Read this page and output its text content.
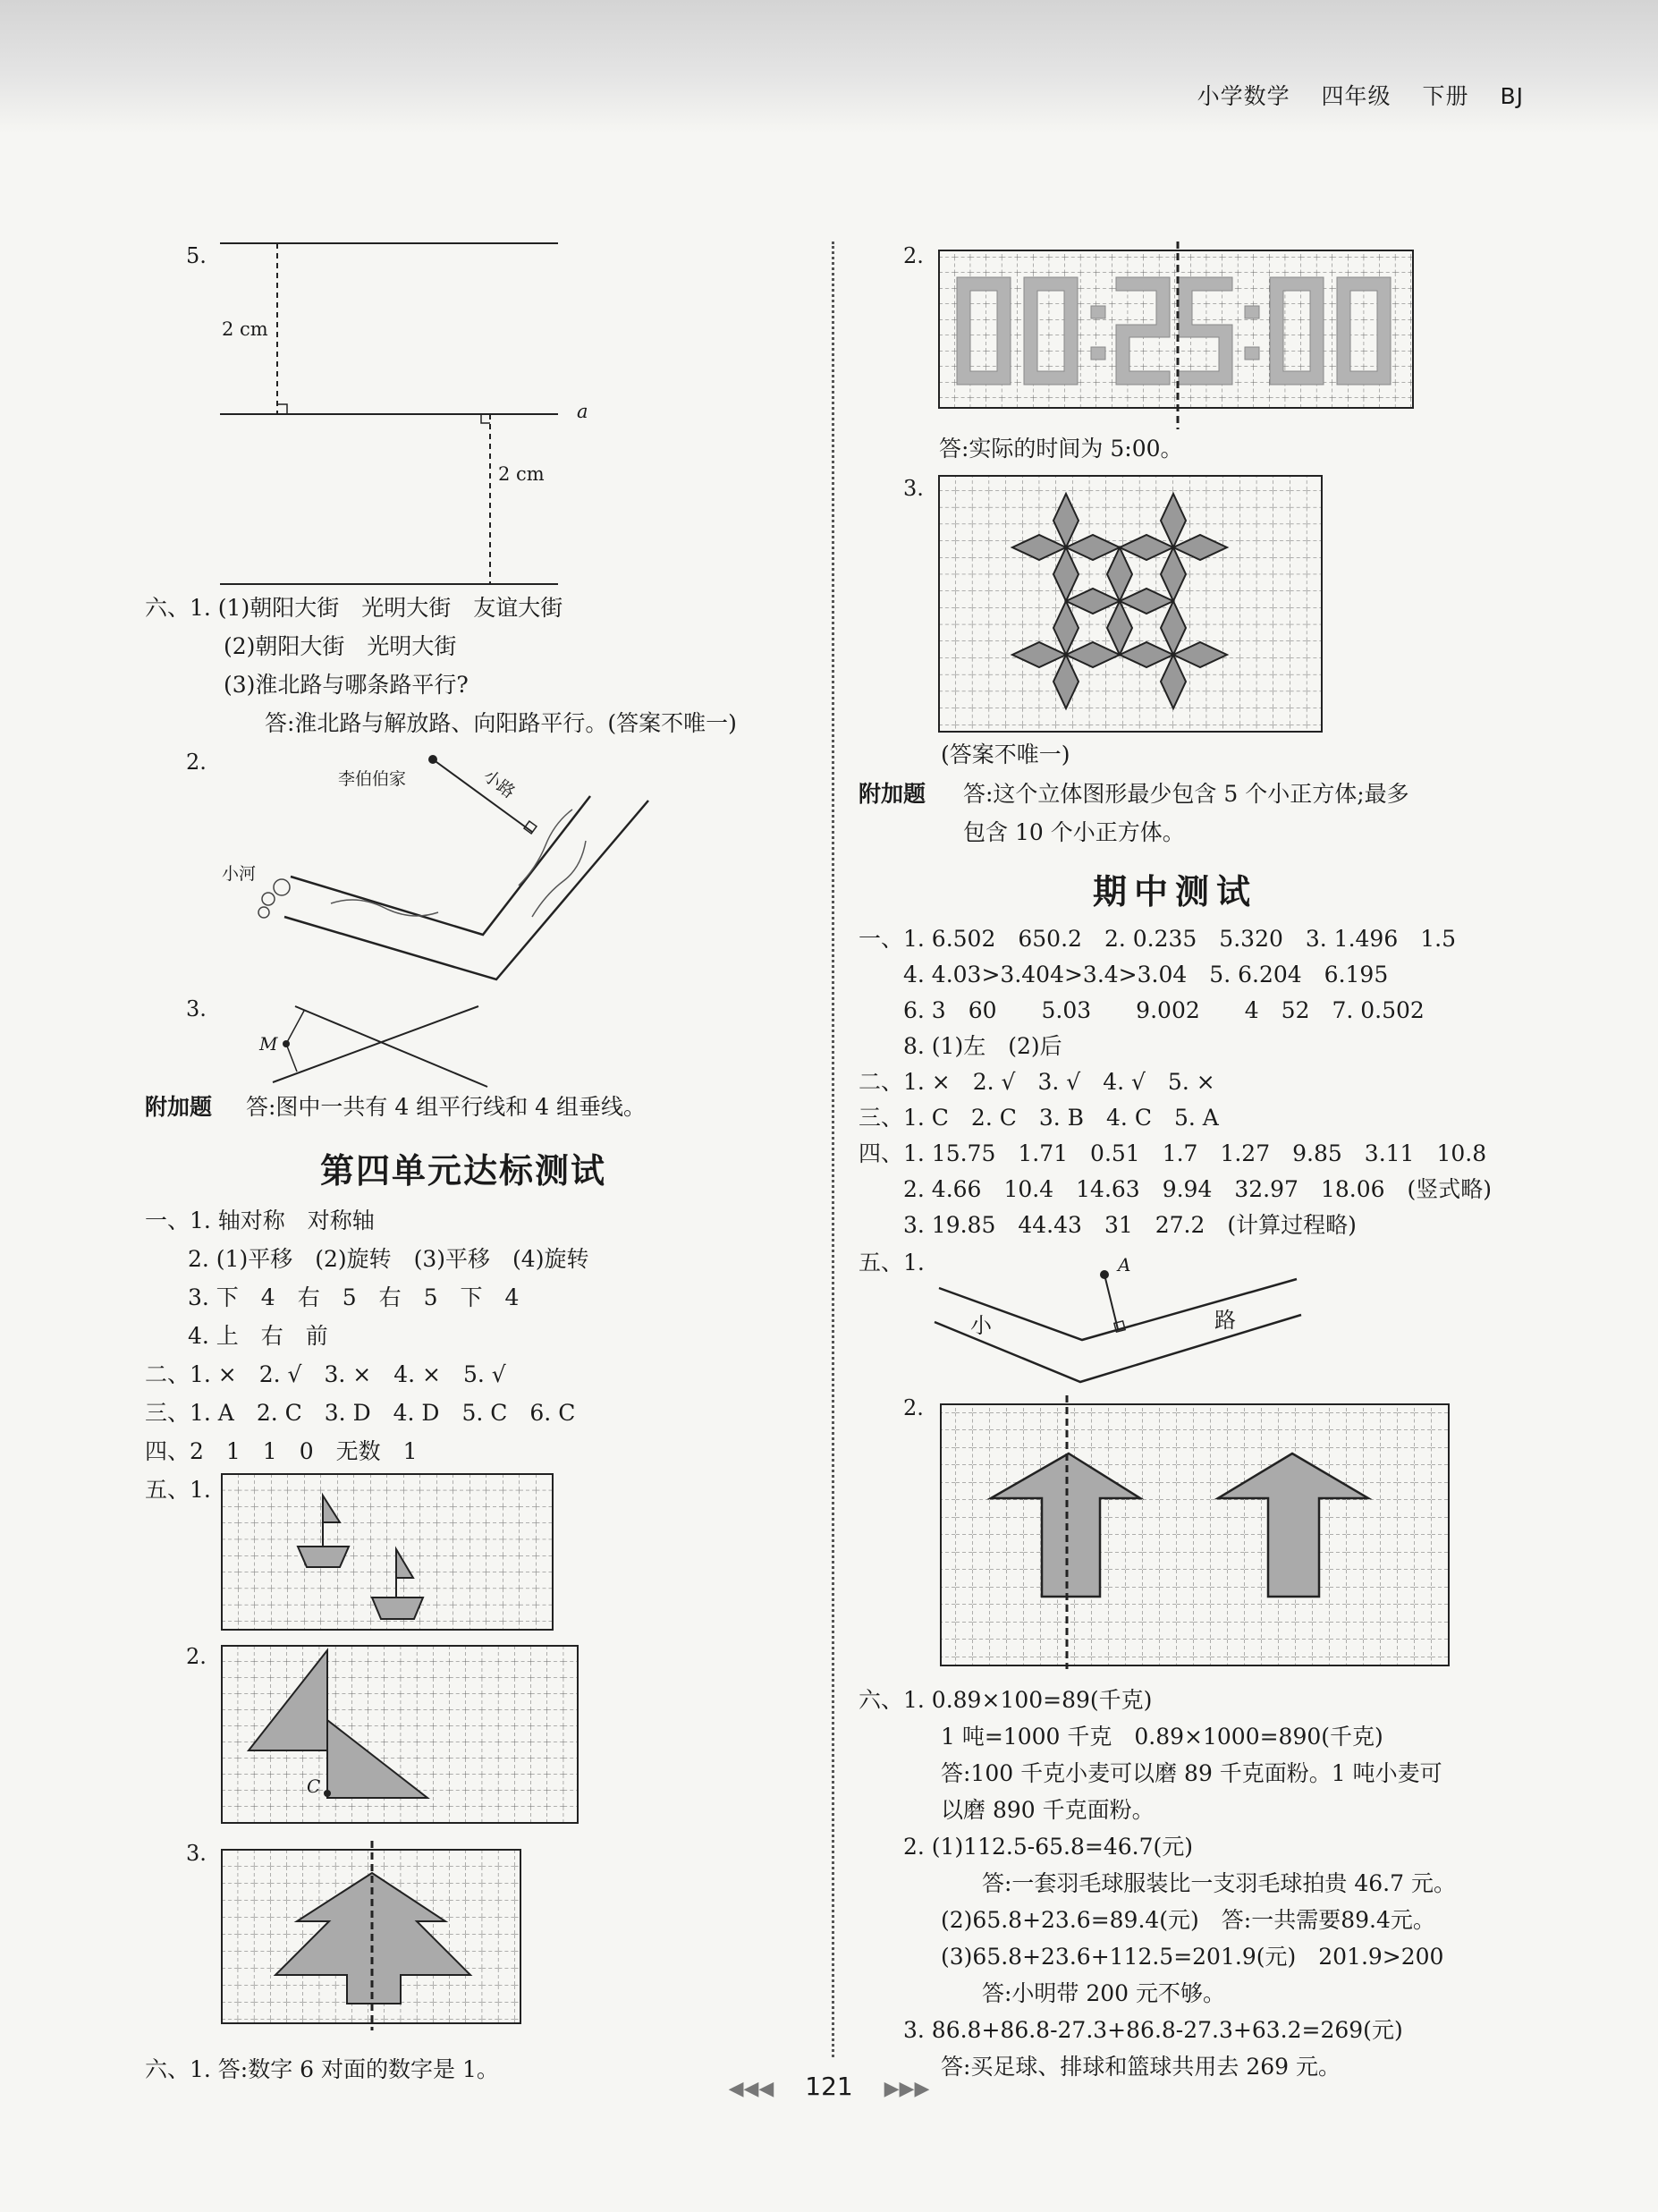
小学数学 四年级 下册 BJ
5.
2 cm
2 cm
a
六、1. (1)朝阳大街　光明大街　友谊大街
(2)朝阳大街　光明大街
(3)淮北路与哪条路平行?
答:淮北路与解放路、向阳路平行。(答案不唯一)
2.
李伯伯家	小路
小河
3.
M
附加题 答:图中一共有 4 组平行线和 4 组垂线。
第四单元达标测试
一、1. 轴对称　对称轴
2. (1)平移　(2)旋转　(3)平移　(4)旋转
3. 下　4　右　5　右　5　下　4
4. 上　右　前
二、1. ×　2. √　3. ×　4. ×　5. √
三、1. A　2. C　3. D　4. D　5. C　6. C
四、2　1　1　0　无数　1
五、1.
2.
C
3.
六、1. 答:数字 6 对面的数字是 1。
2.
答:实际的时间为 5:00。
3.
(答案不唯一)
附加题 答:这个立体图形最少包含 5 个小正方体;最多
包含 10 个小正方体。
期中测试
一、1. 6.502　650.2　2. 0.235　5.320　3. 1.496　1.5
4. 4.03>3.404>3.4>3.04　5. 6.204　6.195
6. 3　60　　5.03　　9.002　　4　52　7. 0.502
8. (1)左　(2)后
二、1. ×　2. √　3. √　4. √　5. ×
三、1. C　2. C　3. B　4. C　5. A
四、1. 15.75　1.71　0.51　1.7　1.27　9.85　3.11　10.8
2. 4.66　10.4　14.63　9.94　32.97　18.06　(竖式略)
3. 19.85　44.43　31　27.2　(计算过程略)
五、1.	A
小	路
2.
六、1. 0.89×100=89(千克)
1 吨=1000 千克　0.89×1000=890(千克)
答:100 千克小麦可以磨 89 千克面粉。1 吨小麦可
以磨 890 千克面粉。
2. (1)112.5-65.8=46.7(元)
答:一套羽毛球服装比一支羽毛球拍贵 46.7 元。
(2)65.8+23.6=89.4(元)　答:一共需要89.4元。
(3)65.8+23.6+112.5=201.9(元)　201.9>200
答:小明带 200 元不够。
3. 86.8+86.8-27.3+86.8-27.3+63.2=269(元)
答:买足球、排球和篮球共用去 269 元。
◀◀◀ 121 ▶▶▶
